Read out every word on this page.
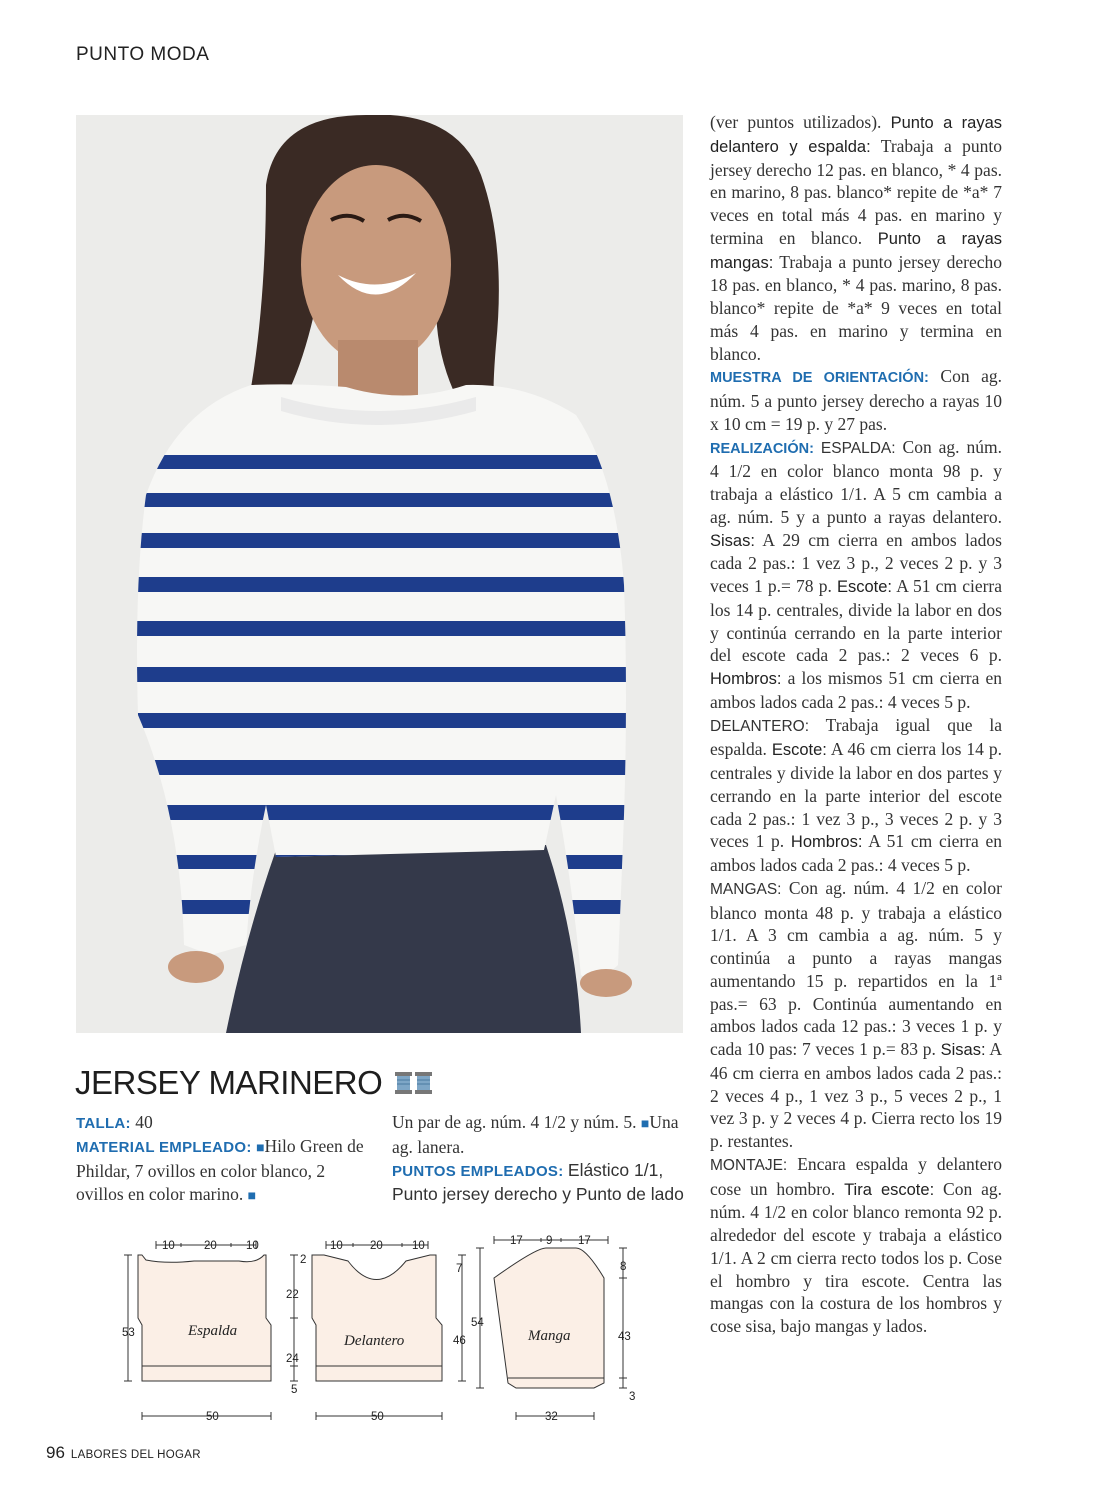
PUNTO MODA
JERSEY MARINERO
TALLA: 40
MATERIAL EMPLEADO: ■Hilo Green de Phildar, 7 ovillos en color blanco, 2 ovillos en color marino. ■
Un par de ag. núm. 4 1/2 y núm. 5. ■Una ag. lanera.
PUNTOS EMPLEADOS: Elástico 1/1, Punto jersey derecho y Punto de lado
(ver puntos utilizados). Punto a rayas delantero y espalda: Trabaja a punto jersey derecho 12 pas. en blanco, * 4 pas. en marino, 8 pas. blanco* repite de *a* 7 veces en total más 4 pas. en marino y termina en blanco. Punto a rayas mangas: Trabaja a punto jersey derecho 18 pas. en blanco, * 4 pas. marino, 8 pas. blanco* repite de *a* 9 veces en total más 4 pas. en marino y termina en blanco.
MUESTRA DE ORIENTACIÓN: Con ag. núm. 5 a punto jersey derecho a rayas 10 x 10 cm = 19 p. y 27 pas.
REALIZACIÓN: ESPALDA: Con ag. núm. 4 1/2 en color blanco monta 98 p. y trabaja a elástico 1/1. A 5 cm cambia a ag. núm. 5 y a punto a rayas delantero. Sisas: A 29 cm cierra en ambos lados cada 2 pas.: 1 vez 3 p., 2 veces 2 p. y 3 veces 1 p.= 78 p. Escote: A 51 cm cierra los 14 p. centrales, divide la labor en dos y continúa cerrando en la parte interior del escote cada 2 pas.: 2 veces 6 p. Hombros: a los mismos 51 cm cierra en ambos lados cada 2 pas.: 4 veces 5 p.
DELANTERO: Trabaja igual que la espalda. Escote: A 46 cm cierra los 14 p. centrales y divide la labor en dos partes y cerrando en la parte interior del escote cada 2 pas.: 1 vez 3 p., 3 veces 2 p. y 3 veces 1 p. Hombros: A 51 cm cierra en ambos lados cada 2 pas.: 4 veces 5 p.
MANGAS: Con ag. núm. 4 1/2 en color blanco monta 48 p. y trabaja a elástico 1/1. A 3 cm cambia a ag. núm. 5 y continúa a punto a rayas mangas aumentando 15 p. repartidos en la 1ª pas.= 63 p. Continúa aumentando en ambos lados cada 12 pas.: 3 veces 1 p. y cada 10 pas: 7 veces 1 p.= 83 p. Sisas: A 46 cm cierra en ambos lados cada 2 pas.: 2 veces 4 p., 1 vez 3 p., 5 veces 2 p., 1 vez 3 p. y 2 veces 4 p. Cierra recto los 19 p. restantes.
MONTAJE: Encara espalda y delantero cose un hombro. Tira escote: Con ag. núm. 4 1/2 en color blanco remonta 92 p. alrededor del escote y trabaja a elástico 1/1. A 2 cm cierra recto todos los p. Cose el hombro y tira escote. Centra las mangas con la costura de los hombros y cose sisa, bajo mangas y lados.
Espalda
10	20	10
53
22
24
5
50
Delantero
10 20	10
2
7
46
50
Manga
17 9 17
54
8
43
3
32
96 LABORES DEL HOGAR
